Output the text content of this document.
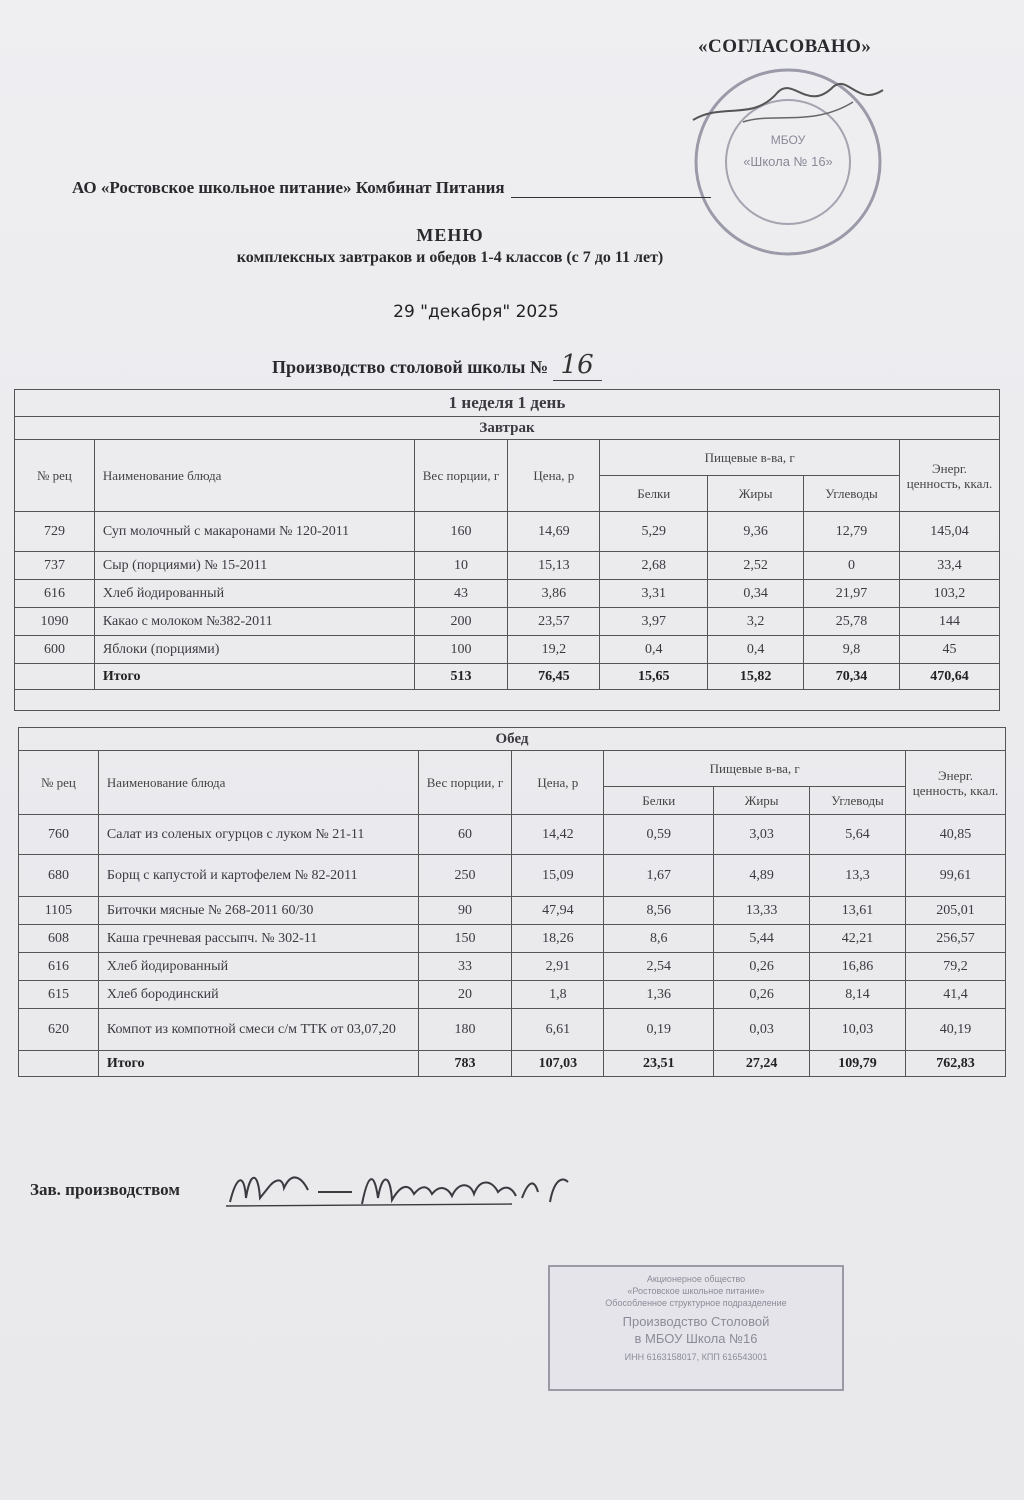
«СОГЛАСОВАНО»
МБОУ
«Школа № 16»
АО «Ростовское школьное питание» Комбинат Питания
МЕНЮ
комплексных завтраков и обедов 1-4 классов (с 7 до 11 лет)
29 "декабря" 2025
Производство столовой школы № 16
1 неделя 1 день							
Завтрак							
№ рец	Наименование блюда	Вес порции, г	Цена, р	Пищевые в-ва, г			Энерг. ценность, ккал.
				Белки	Жиры	Углеводы	
729	Суп молочный с макаронами № 120-2011	160	14,69	5,29	9,36	12,79	145,04
737	Сыр (порциями) № 15-2011	10	15,13	2,68	2,52	0	33,4
616	Хлеб йодированный	43	3,86	3,31	0,34	21,97	103,2
1090	Какао с молоком №382-2011	200	23,57	3,97	3,2	25,78	144
600	Яблоки (порциями)	100	19,2	0,4	0,4	9,8	45
	Итого	513	76,45	15,65	15,82	70,34	470,64

Обед							
№ рец	Наименование блюда	Вес порции, г	Цена, р	Пищевые в-ва, г			Энерг. ценность, ккал.
				Белки	Жиры	Углеводы	
760	Салат из соленых огурцов с луком № 21-11	60	14,42	0,59	3,03	5,64	40,85
680	Борщ с капустой и картофелем № 82-2011	250	15,09	1,67	4,89	13,3	99,61
1105	Биточки мясные № 268-2011 60/30	90	47,94	8,56	13,33	13,61	205,01
608	Каша гречневая рассыпч. № 302-11	150	18,26	8,6	5,44	42,21	256,57
616	Хлеб йодированный	33	2,91	2,54	0,26	16,86	79,2
615	Хлеб бородинский	20	1,8	1,36	0,26	8,14	41,4
620	Компот из компотной смеси с/м ТТК от 03,07,20	180	6,61	0,19	0,03	10,03	40,19
	Итого	783	107,03	23,51	27,24	109,79	762,83
Зав. производством
Мамаева А. Е.
Акционерное общество
«Ростовское школьное питание»
Обособленное структурное подразделение
Производство Столовой
в МБОУ Школа №16
ИНН 6163158017, КПП 616543001
